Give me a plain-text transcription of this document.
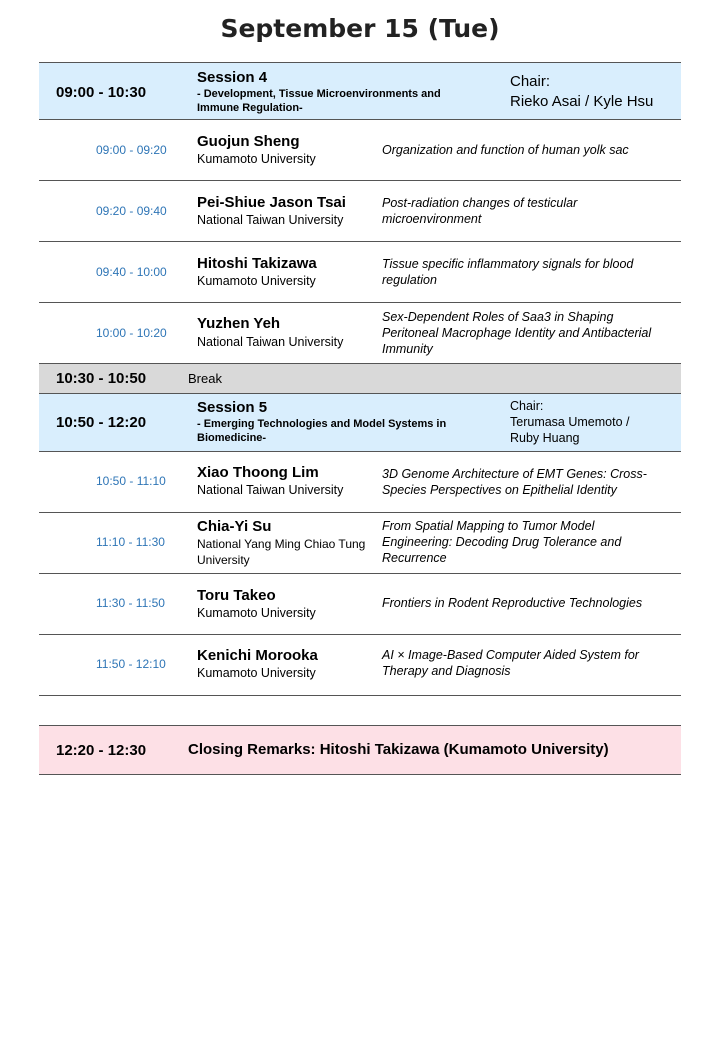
September 15 (Tue)
09:00 - 10:30
Session 4
- Development, Tissue Microenvironments and
Immune Regulation-
Chair:
Rieko Asai / Kyle Hsu
09:00 - 09:20 Guojun Sheng
Kumamoto University
Organization and function of human yolk sac
09:20 - 09:40 Pei-Shiue Jason Tsai
National Taiwan University
Post-radiation changes of testicular
microenvironment
09:40 - 10:00 Hitoshi Takizawa
Kumamoto University
Tissue specific inflammatory signals for blood
regulation
10:00 - 10:20
Yuzhen Yeh
National Taiwan University
Sex-Dependent Roles of Saa3 in Shaping
Peritoneal Macrophage Identity and Antibacterial
Immunity
10:30 - 10:50	Break
10:50 - 12:20
Session 5
- Emerging Technologies and Model Systems in
Biomedicine-
Chair:
Terumasa Umemoto /
Ruby Huang
10:50 - 11:10 Xiao Thoong Lim
National Taiwan University
3D Genome Architecture of EMT Genes: Cross-
Species Perspectives on Epithelial Identity
11:10 - 11:30
Chia-Yi Su
National Yang Ming Chiao Tung
University
From Spatial Mapping to Tumor Model
Engineering: Decoding Drug Tolerance and
Recurrence
11:30 - 11:50 Toru Takeo
Kumamoto University
Frontiers in Rodent Reproductive Technologies
11:50 - 12:10 Kenichi Morooka
Kumamoto University
AI × Image-Based Computer Aided System for
Therapy and Diagnosis
12:20 - 12:30	Closing Remarks: Hitoshi Takizawa (Kumamoto University)
